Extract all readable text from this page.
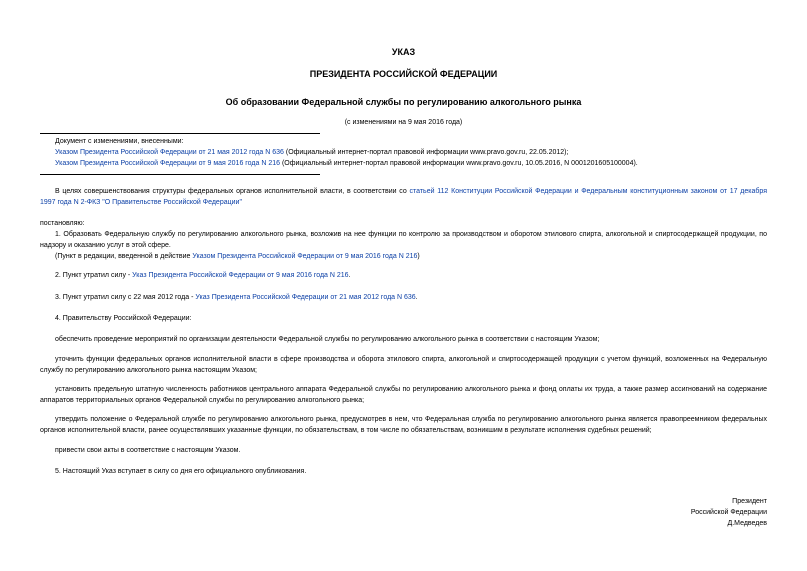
УКАЗ
ПРЕЗИДЕНТА РОССИЙСКОЙ ФЕДЕРАЦИИ
Об образовании Федеральной службы по регулированию алкогольного рынка
(с изменениями на 9 мая 2016 года)

Документ с изменениями, внесенными:

Указом Президента Российской Федерации от 21 мая 2012 года N 636 (Официальный интернет-портал правовой информации www.pravo.gov.ru, 22.05.2012);

Указом Президента Российской Федерации от 9 мая 2016 года N 216 (Официальный интернет-портал правовой информации www.pravo.gov.ru, 10.05.2016, N 0001201605100004).

В целях совершенствования структуры федеральных органов исполнительной власти, в соответствии со статьей 112 Конституции Российской Федерации и Федеральным конституционным законом от 17 декабря 1997 года N 2-ФКЗ "О Правительстве Российской Федерации"

постановляю:

1. Образовать Федеральную службу по регулированию алкогольного рынка, возложив на нее функции по контролю за производством и оборотом этилового спирта, алкогольной и спиртосодержащей продукции, по надзору и оказанию услуг в этой сфере.

(Пункт в редакции, введенной в действие Указом Президента Российской Федерации от 9 мая 2016 года N 216)

2. Пункт утратил силу - Указ Президента Российской Федерации от 9 мая 2016 года N 216.

3. Пункт утратил силу с 22 мая 2012 года - Указ Президента Российской Федерации от 21 мая 2012 года N 636.

4. Правительству Российской Федерации:

обеспечить проведение мероприятий по организации деятельности Федеральной службы по регулированию алкогольного рынка в соответствии с настоящим Указом;

уточнить функции федеральных органов исполнительной власти в сфере производства и оборота этилового спирта, алкогольной и спиртосодержащей продукции с учетом функций, возложенных на Федеральную службу по регулированию алкогольного рынка настоящим Указом;

установить предельную штатную численность работников центрального аппарата Федеральной службы по регулированию алкогольного рынка и фонд оплаты их труда, а также размер ассигнований на содержание аппаратов территориальных органов Федеральной службы по регулированию алкогольного рынка;

утвердить положение о Федеральной службе по регулированию алкогольного рынка, предусмотрев в нем, что Федеральная служба по регулированию алкогольного рынка является правопреемником федеральных органов исполнительной власти, ранее осуществлявших указанные функции, по обязательствам, в том числе по обязательствам, возникшим в результате исполнения судебных решений;

привести свои акты в соответствие с настоящим Указом.

5. Настоящий Указ вступает в силу со дня его официального опубликования.

Президент
Российской Федерации
Д.Медведев
